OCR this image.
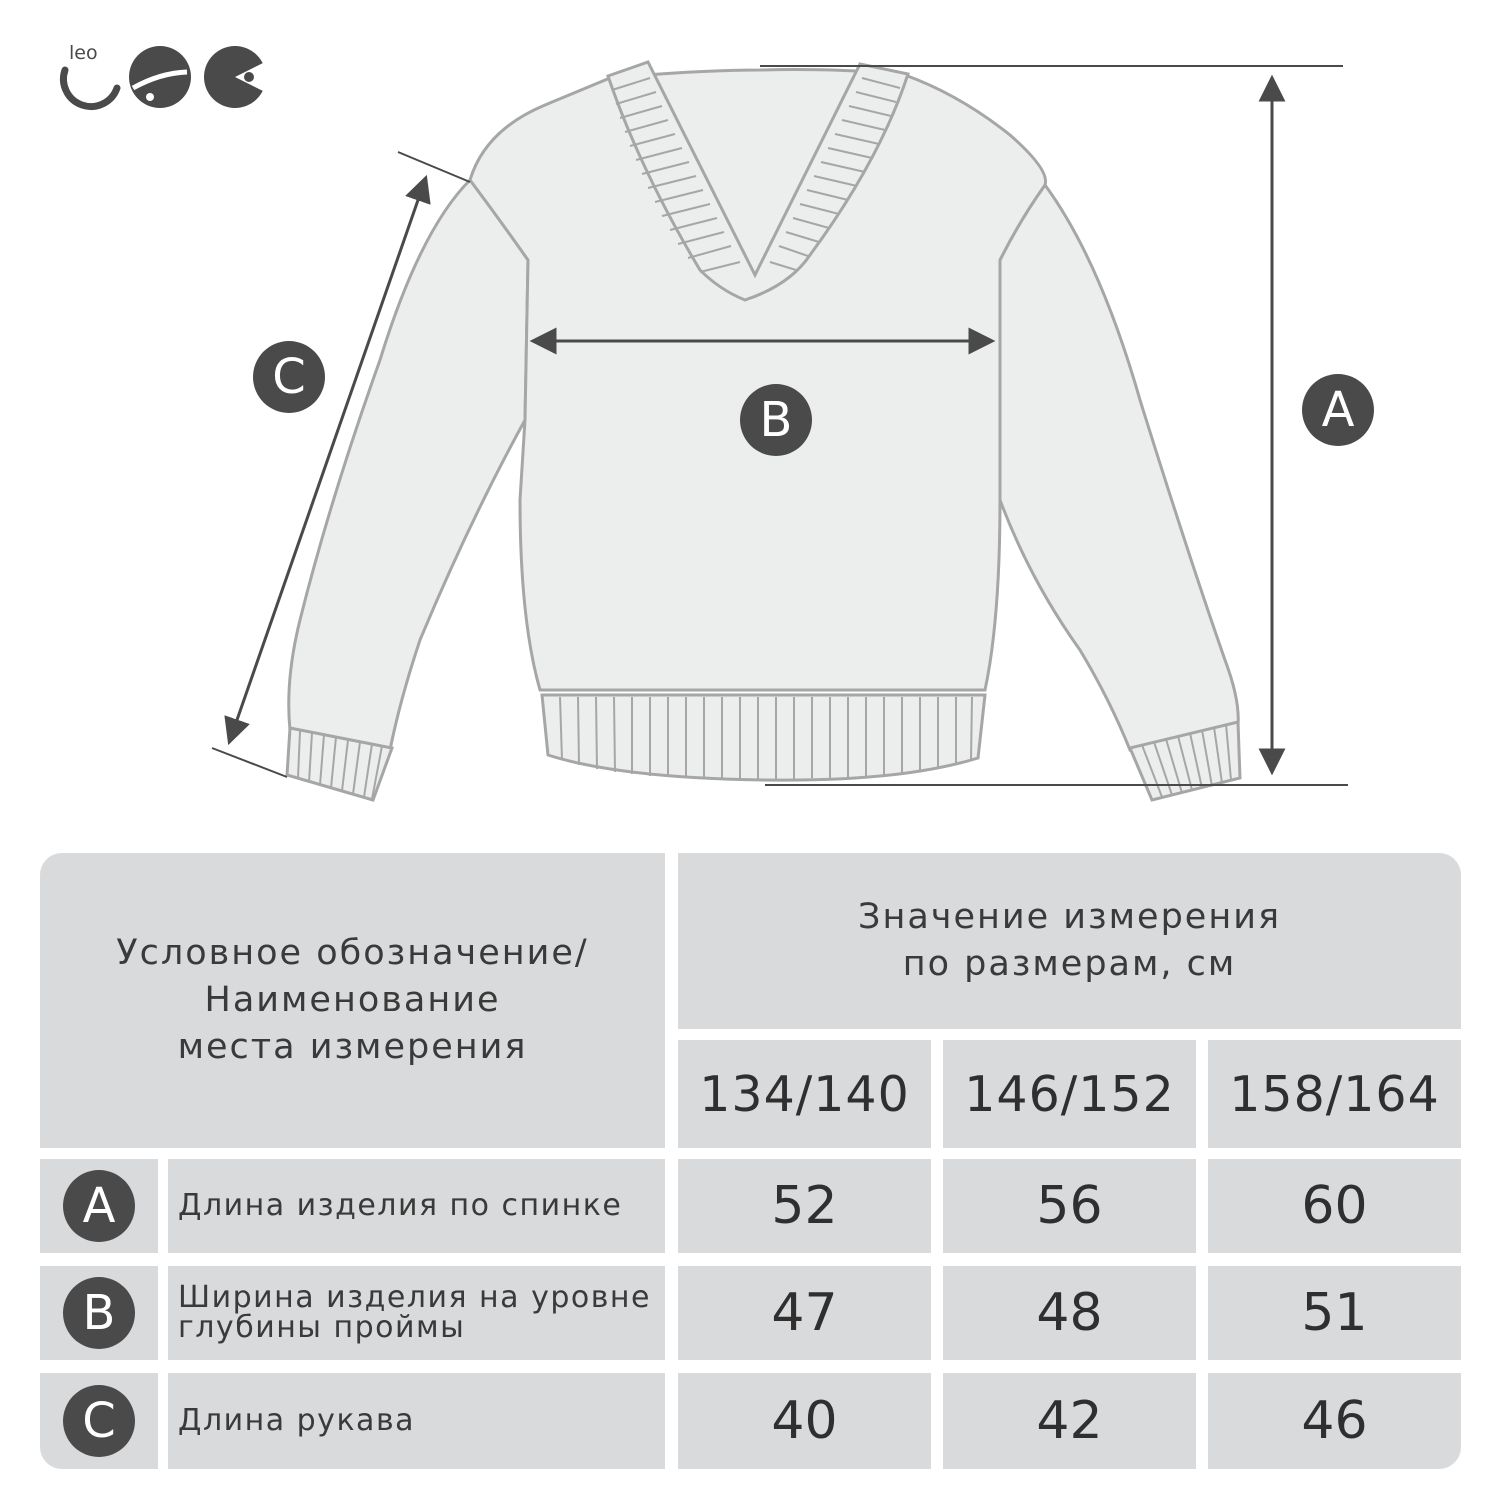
leo
A
B
C
Условное обозначение/
Наименование
места измерения
Значение измерения
по размерам, см
134/140	146/152	158/164
A	Длина изделия по спинке	52	56	60
B	Ширина изделия на уровне
глубины проймы	47	48	51
C	Длина рукава	40	42	46
